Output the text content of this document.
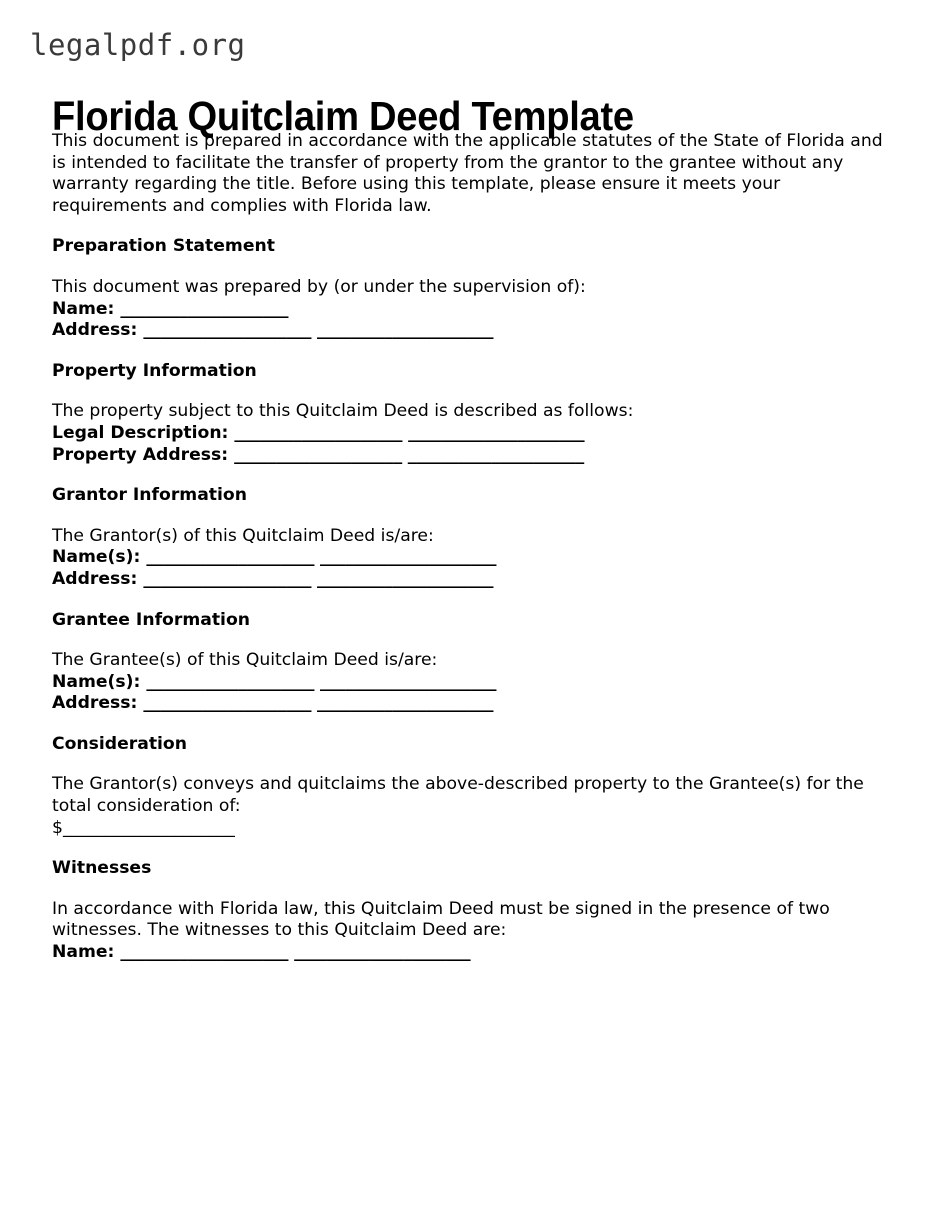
legalpdf.org
Florida Quitclaim Deed Template

This document is prepared in accordance with the applicable statutes of the State of Florida and is intended to facilitate the transfer of property from the grantor to the grantee without any warranty regarding the title. Before using this template, please ensure it meets your requirements and complies with Florida law.

Preparation Statement

This document was prepared by (or under the supervision of):

Name: ____________________
Address: ____________________ _____________________
Property Information

The property subject to this Quitclaim Deed is described as follows:

Legal Description: ____________________ _____________________
Property Address: ____________________ _____________________
Grantor Information

The Grantor(s) of this Quitclaim Deed is/are:

Name(s): ____________________ _____________________
Address: ____________________ _____________________
Grantee Information

The Grantee(s) of this Quitclaim Deed is/are:

Name(s): ____________________ _____________________
Address: ____________________ _____________________
Consideration

The Grantor(s) conveys and quitclaims the above-described property to the Grantee(s) for the total consideration of:

$____________________
Witnesses

In accordance with Florida law, this Quitclaim Deed must be signed in the presence of two witnesses. The witnesses to this Quitclaim Deed are:

Name: ____________________ _____________________
